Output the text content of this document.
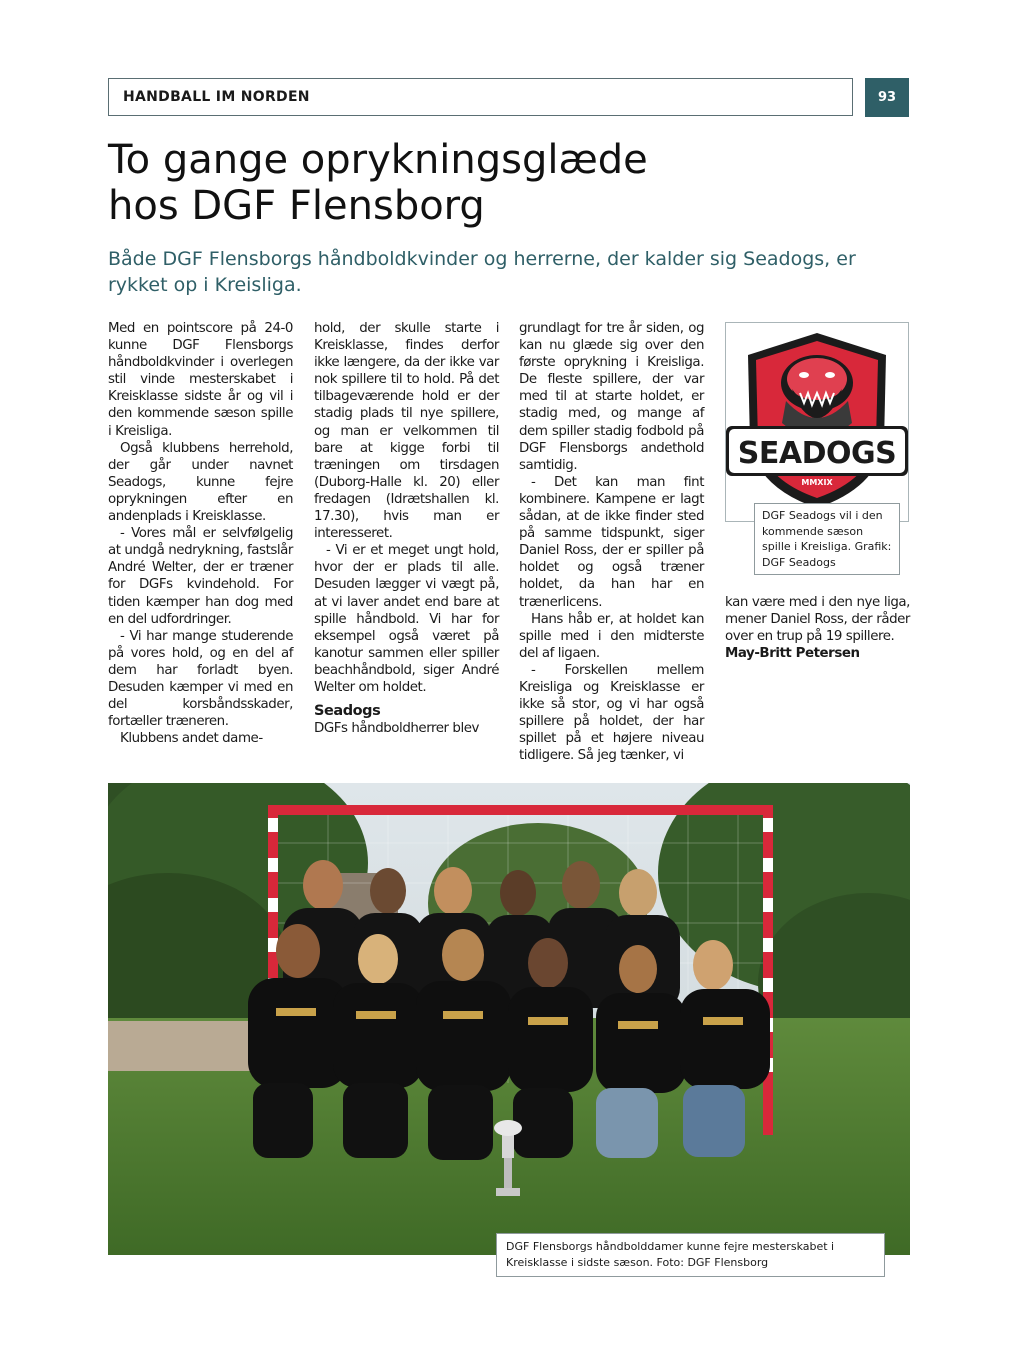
HANDBALL IM NORDEN	93
To gange oprykningsglæde
hos DGF Flensborg
Både DGF Flensborgs håndboldkvinder og herrerne, der kalder sig Seadogs, er rykket op i Kreisliga.

Med en pointscore på 24-0 kunne DGF Flensborgs håndboldkvinder i overlegen stil vinde mesterskabet i Kreisklasse sidste år og vil i den kommende sæson spille i Kreisliga.

Også klubbens herrehold, der går under navnet Seadogs, kunne fejre oprykningen efter en andenplads i Kreisklasse.

- Vores mål er selvfølgelig at undgå nedrykning, fastslår André Welter, der er træner for DGFs kvindehold. For tiden kæmper han dog med en del udfordringer.

- Vi har mange studerende på vores hold, og en del af dem har forladt byen. Desuden kæmper vi med en del korsbåndsskader, fortæller træneren.

Klubbens andet dame-

hold, der skulle starte i Kreisklasse, findes derfor ikke længere, da der ikke var nok spillere til to hold. På det tilbageværende hold er der stadig plads til nye spillere, og man er velkommen til bare at kigge forbi til træningen om tirsdagen (Duborg-Halle kl. 20) eller fredagen (Idrætshallen kl. 17.30), hvis man er interesseret.

- Vi er et meget ungt hold, hvor der er plads til alle. Desuden lægger vi vægt på, at vi laver andet end bare at spille håndbold. Vi har for eksempel også været på kanotur sammen eller spiller beachhåndbold, siger André Welter om holdet.

Seadogs

DGFs håndboldherrer blev

grundlagt for tre år siden, og kan nu glæde sig over den første oprykning i Kreisliga. De fleste spillere, der var med til at starte holdet, er stadig med, og mange af dem spiller stadig fodbold på DGF Flensborgs andethold samtidig.

- Det kan man fint kombinere. Kampene er lagt sådan, at de ikke finder sted på samme tidspunkt, siger Daniel Ross, der er spiller på holdet og også træner holdet, da han har en trænerlicens.

Hans håb er, at holdet kan spille med i den midterste del af ligaen.

- Forskellen mellem Kreisliga og Kreisklasse er ikke så stor, og vi har også spillere på holdet, der har spillet på et højere niveau tidligere. Så jeg tænker, vi

kan være med i den nye liga, mener Daniel Ross, der råder over en trup på 19 spillere.

May-Britt Petersen

SEADOGS
MMXIX
DGF Seadogs vil i den kommende sæson spille i Kreisliga. Grafik: DGF Seadogs
DGF Flensborgs håndbolddamer kunne fejre mesterskabet i Kreisklasse i sidste sæson. Foto: DGF Flensborg
